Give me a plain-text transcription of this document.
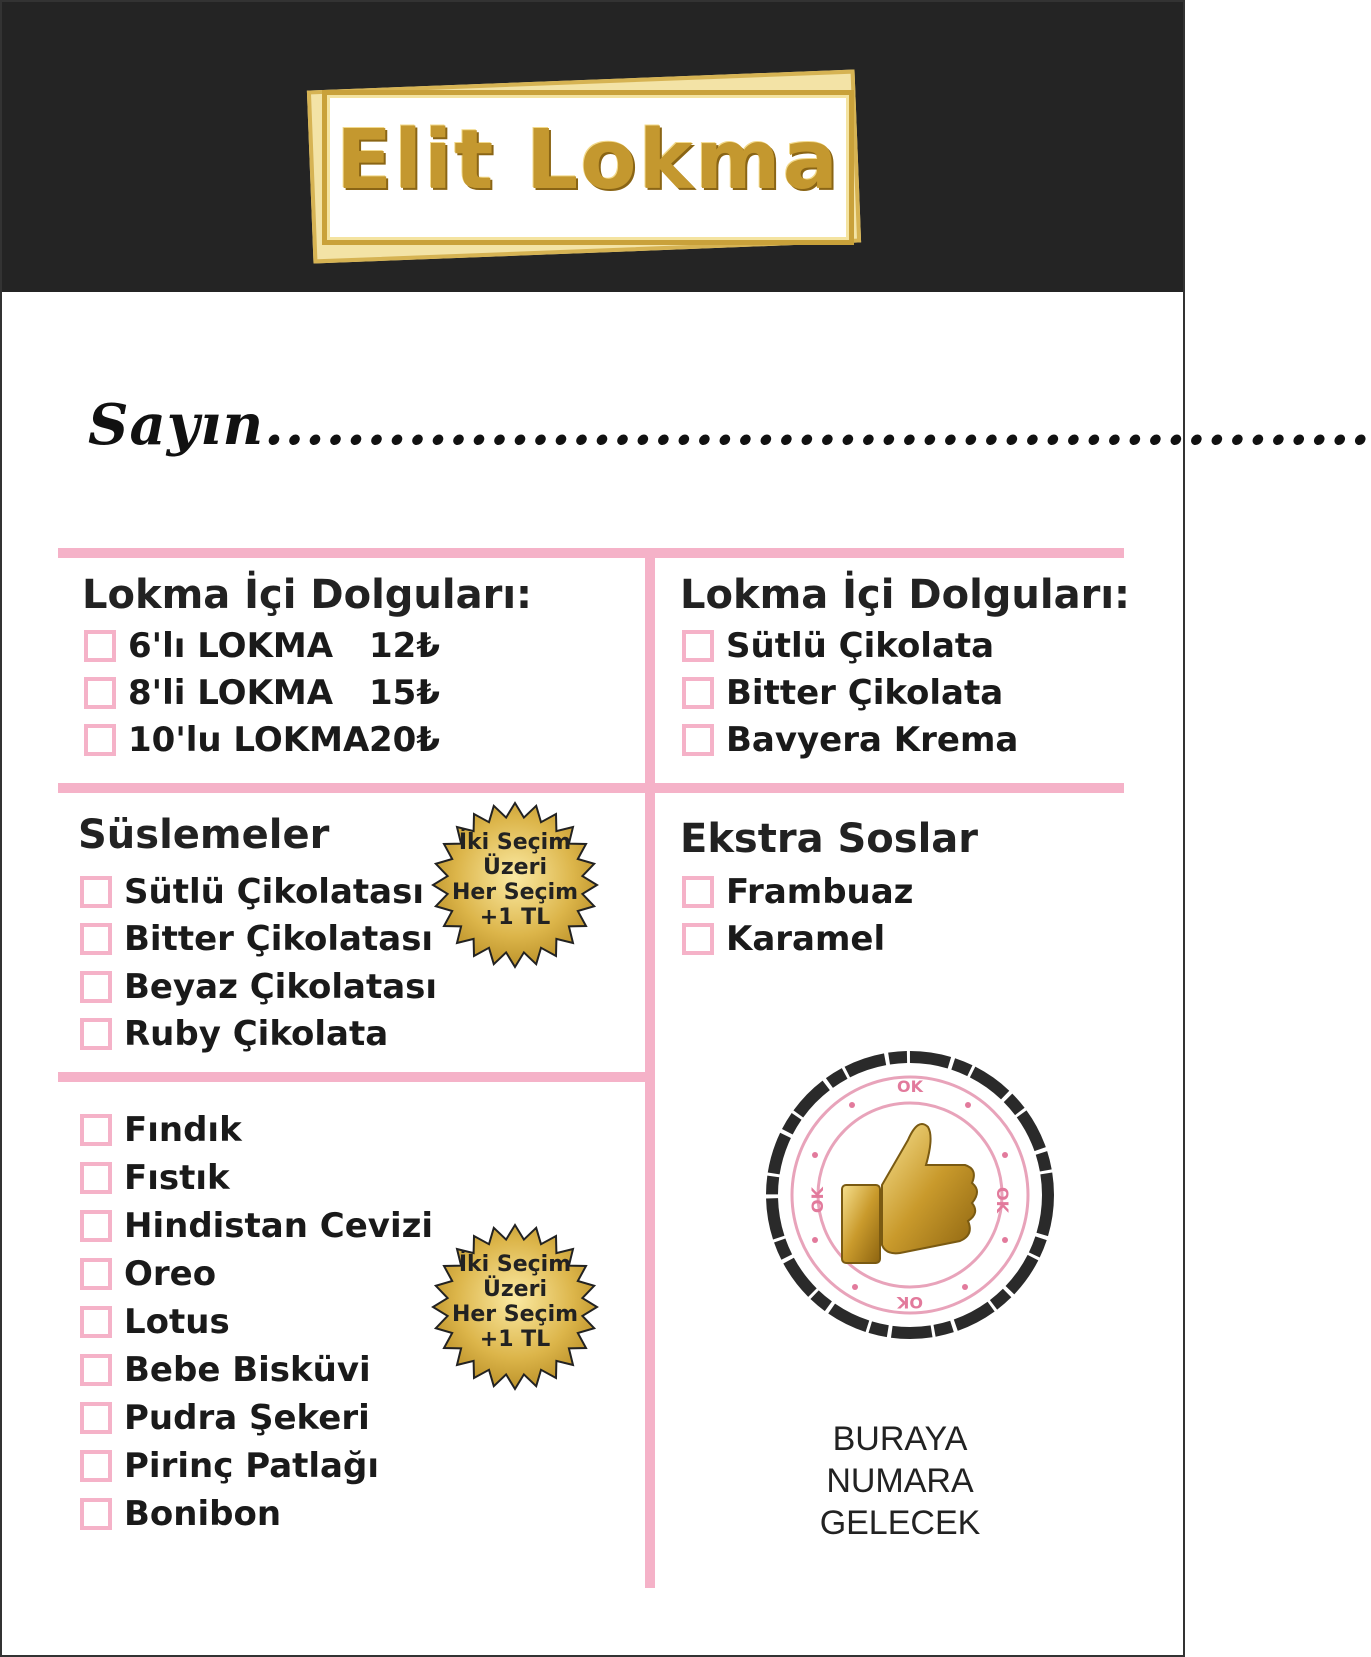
Elit Lokma
Sayın......................................................
Lokma İçi Dolguları:
6'lı LOKMA 12₺
8'li LOKMA 15₺
10'lu LOKMA 20₺
Lokma İçi Dolguları:
Sütlü Çikolata
Bitter Çikolata
Bavyera Krema
Süslemeler
Sütlü Çikolatası
Bitter Çikolatası
Beyaz Çikolatası
Ruby Çikolata
İki Seçim
Üzeri
Her Seçim
+1 TL
Ekstra Soslar
Frambuaz
Karamel
Fındık
Fıstık
Hindistan Cevizi
Oreo
Lotus
Bebe Bisküvi
Pudra Şekeri
Pirinç Patlağı
Bonibon
İki Seçim
Üzeri
Her Seçim
+1 TL
OK
OK
OK
OK
BURAYA
NUMARA
GELECEK
